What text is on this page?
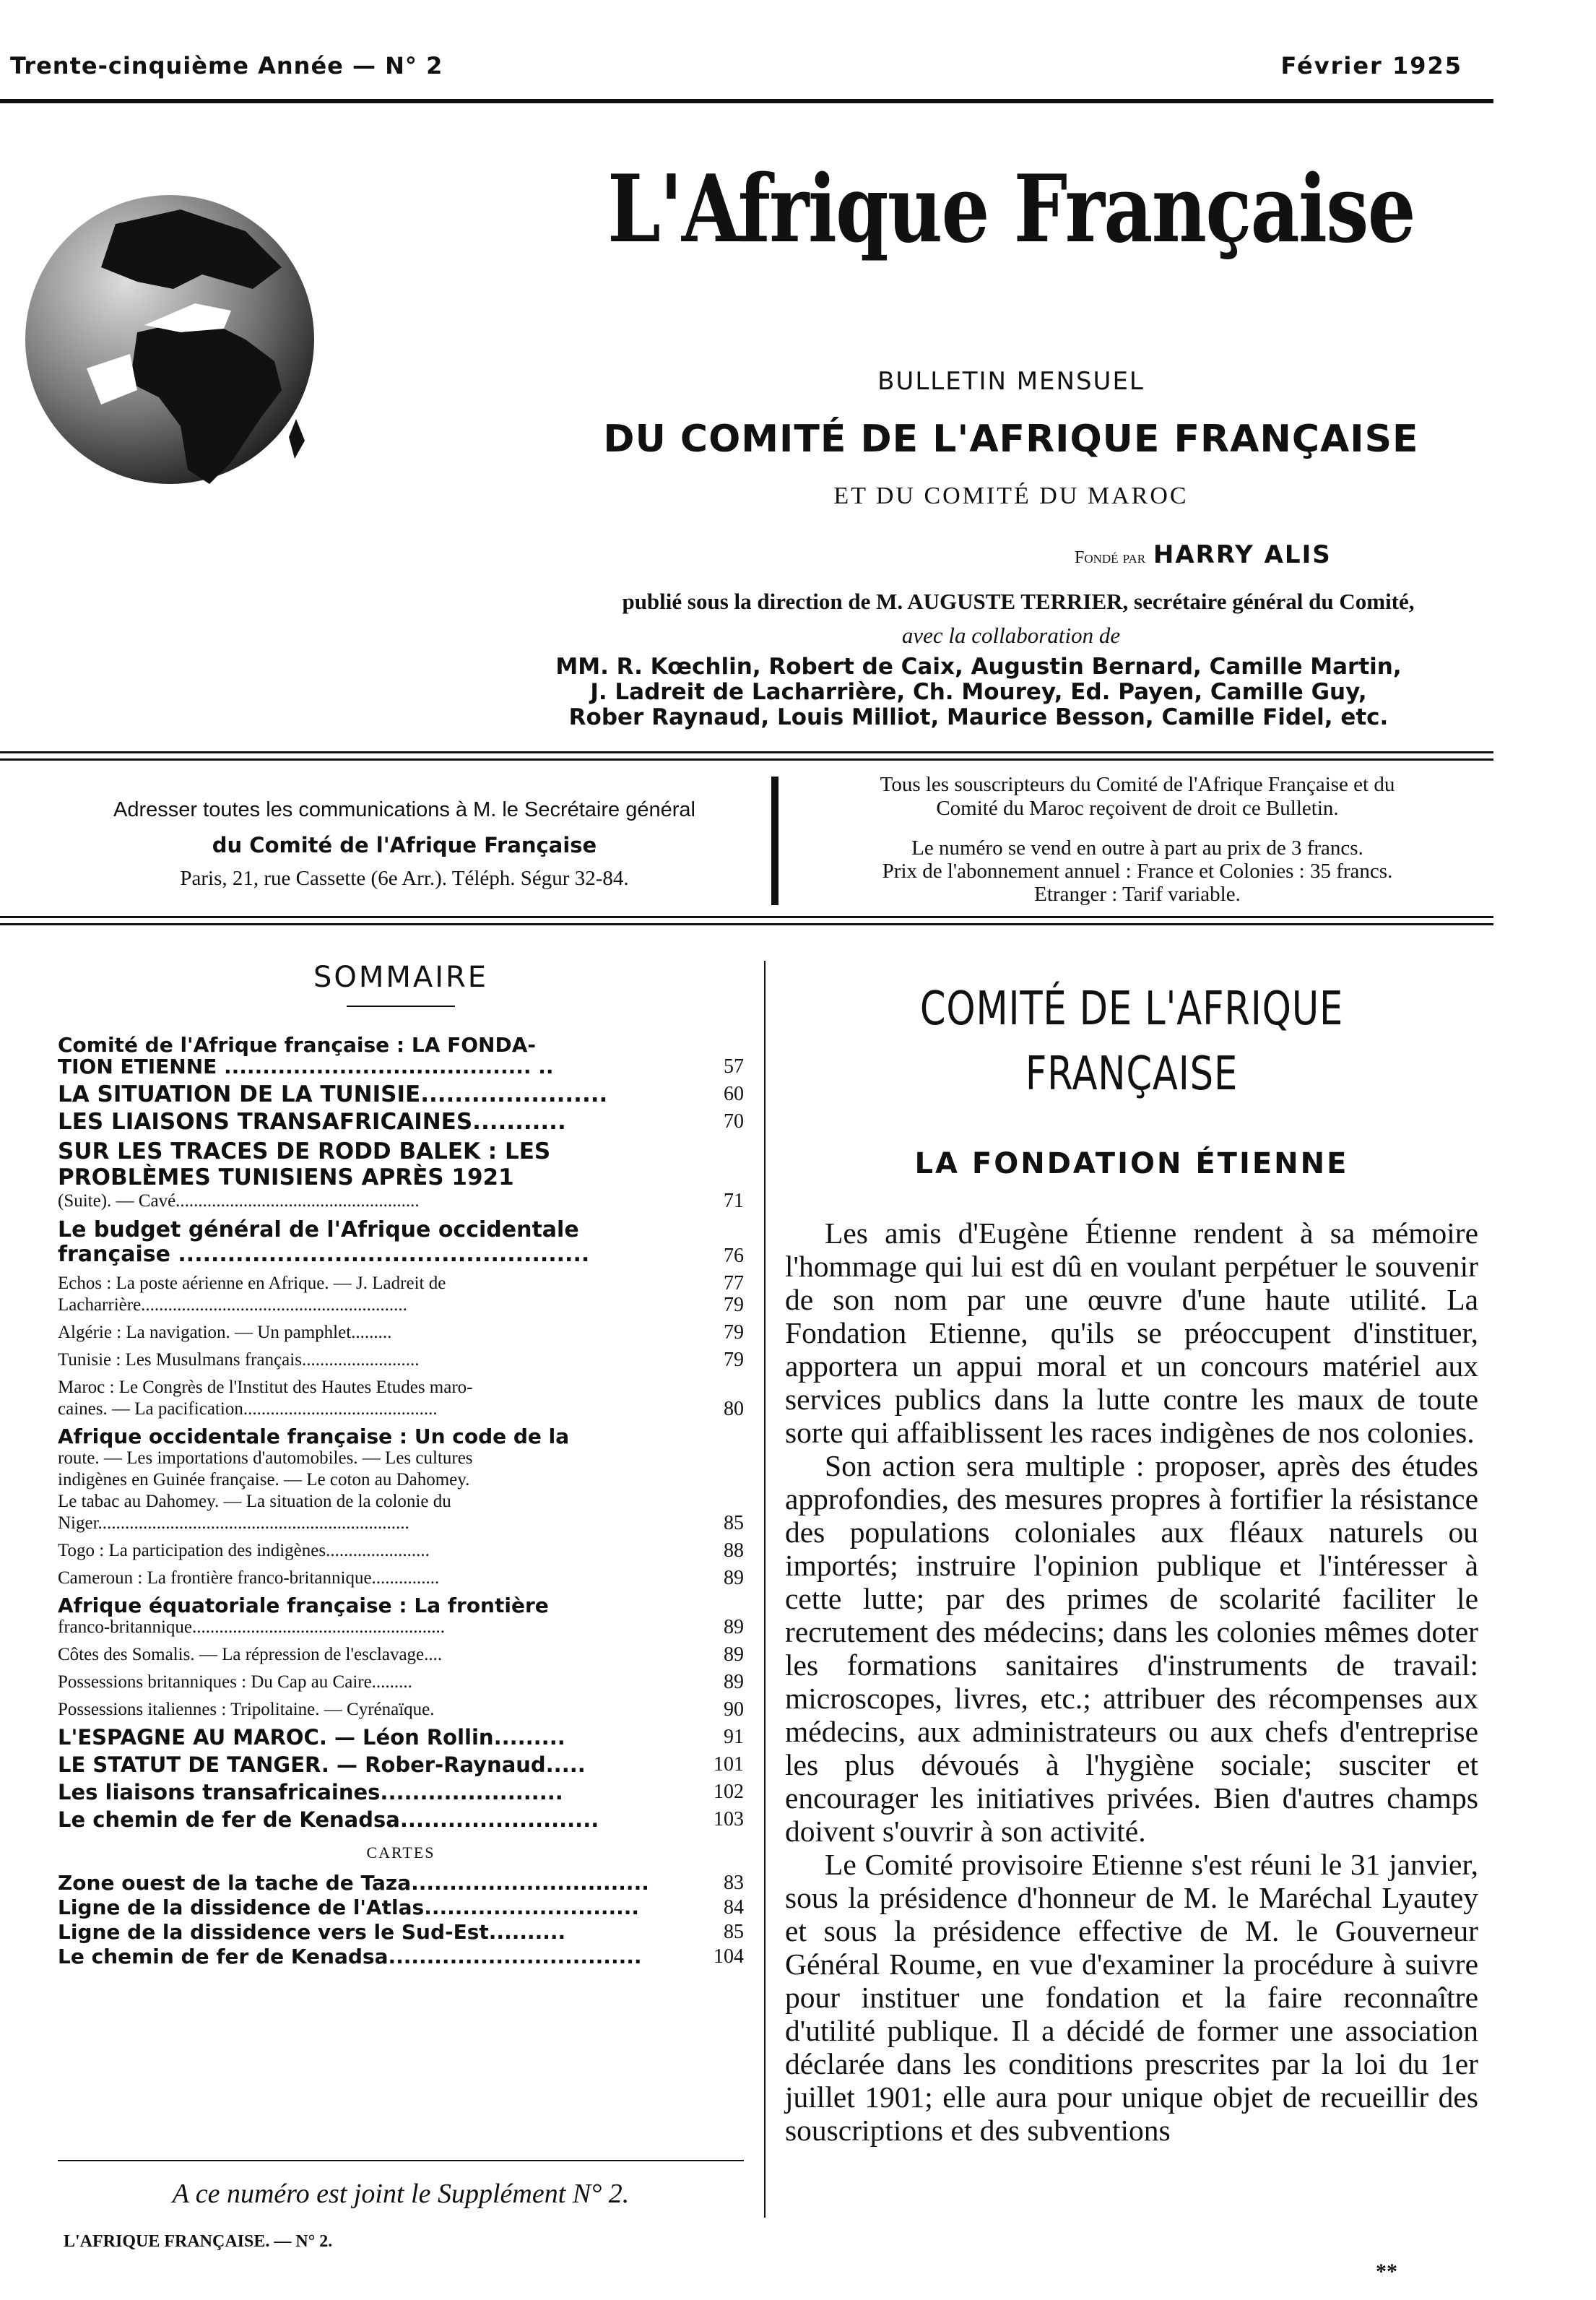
Trente-cinquième Année — N° 2	Février 1925
L'Afrique Française
BULLETIN MENSUEL
DU COMITÉ DE L'AFRIQUE FRANÇAISE
ET DU COMITÉ DU MAROC
Fondé par HARRY ALIS
publié sous la direction de M. AUGUSTE TERRIER, secrétaire général du Comité,
avec la collaboration de
MM. R. Kœchlin, Robert de Caix, Augustin Bernard, Camille Martin,
J. Ladreit de Lacharrière, Ch. Mourey, Ed. Payen, Camille Guy,
Rober Raynaud, Louis Milliot, Maurice Besson, Camille Fidel, etc.
Adresser toutes les communications à M. le Secrétaire général
du Comité de l'Afrique Française
Paris, 21, rue Cassette (6e Arr.). Téléph. Ségur 32-84.
Tous les souscripteurs du Comité de l'Afrique Française et du
Comité du Maroc reçoivent de droit ce Bulletin.
Le numéro se vend en outre à part au prix de 3 francs.
Prix de l'abonnement annuel : France et Colonies : 35 francs.
Etranger : Tarif variable.
SOMMAIRE
Comité de l'Afrique française : LA FONDA-
TION ETIENNE ........................................ ..	57
LA SITUATION DE LA TUNISIE......................	60
LES LIAISONS TRANSAFRICAINES...........	70
SUR LES TRACES DE RODD BALEK : LES
PROBLÈMES TUNISIENS APRÈS 1921
(Suite). — Cavé......................................................	71
Le budget général de l'Afrique occidentale
française ..................................................	76
Echos : La poste aérienne en Afrique. — J. Ladreit de	77
Lacharrière...........................................................	79
Algérie : La navigation. — Un pamphlet.........	79
Tunisie : Les Musulmans français..........................	79
Maroc : Le Congrès de l'Institut des Hautes Etudes maro-
caines. — La pacification...........................................	80
Afrique occidentale française : Un code de la
route. — Les importations d'automobiles. — Les cultures
indigènes en Guinée française. — Le coton au Dahomey.
Le tabac au Dahomey. — La situation de la colonie du
Niger.....................................................................	85
Togo : La participation des indigènes.......................	88
Cameroun : La frontière franco-britannique...............	89
Afrique équatoriale française : La frontière
franco-britannique........................................................	89
Côtes des Somalis. — La répression de l'esclavage....	89
Possessions britanniques : Du Cap au Caire.........	89
Possessions italiennes : Tripolitaine. — Cyrénaïque.	90
L'ESPAGNE AU MAROC. — Léon Rollin.........	91
LE STATUT DE TANGER. — Rober-Raynaud.....	101
Les liaisons transafricaines.......................	102
Le chemin de fer de Kenadsa.........................	103
CARTES
Zone ouest de la tache de Taza...............................	83
Ligne de la dissidence de l'Atlas............................	84
Ligne de la dissidence vers le Sud-Est..........	85
Le chemin de fer de Kenadsa.................................	104
A ce numéro est joint le Supplément N° 2.
L'AFRIQUE FRANÇAISE. — N° 2.
COMITÉ DE L'AFRIQUE FRANÇAISE
LA FONDATION ÉTIENNE

Les amis d'Eugène Étienne rendent à sa mémoire l'hommage qui lui est dû en voulant perpétuer le souvenir de son nom par une œuvre d'une haute utilité. La Fondation Etienne, qu'ils se préoccupent d'instituer, apportera un appui moral et un concours matériel aux services publics dans la lutte contre les maux de toute sorte qui affaiblissent les races indigènes de nos colonies.

Son action sera multiple : proposer, après des études approfondies, des mesures propres à fortifier la résistance des populations coloniales aux fléaux naturels ou importés; instruire l'opinion publique et l'intéresser à cette lutte; par des primes de scolarité faciliter le recrutement des médecins; dans les colonies mêmes doter les formations sanitaires d'instruments de travail: microscopes, livres, etc.; attribuer des récompenses aux médecins, aux administrateurs ou aux chefs d'entreprise les plus dévoués à l'hygiène sociale; susciter et encourager les initiatives privées. Bien d'autres champs doivent s'ouvrir à son activité.

Le Comité provisoire Etienne s'est réuni le 31 janvier, sous la présidence d'honneur de M. le Maréchal Lyautey et sous la présidence effective de M. le Gouverneur Général Roume, en vue d'examiner la procédure à suivre pour instituer une fondation et la faire reconnaître d'utilité publique. Il a décidé de former une association déclarée dans les conditions prescrites par la loi du 1er juillet 1901; elle aura pour unique objet de recueillir des souscriptions et des subventions

**
